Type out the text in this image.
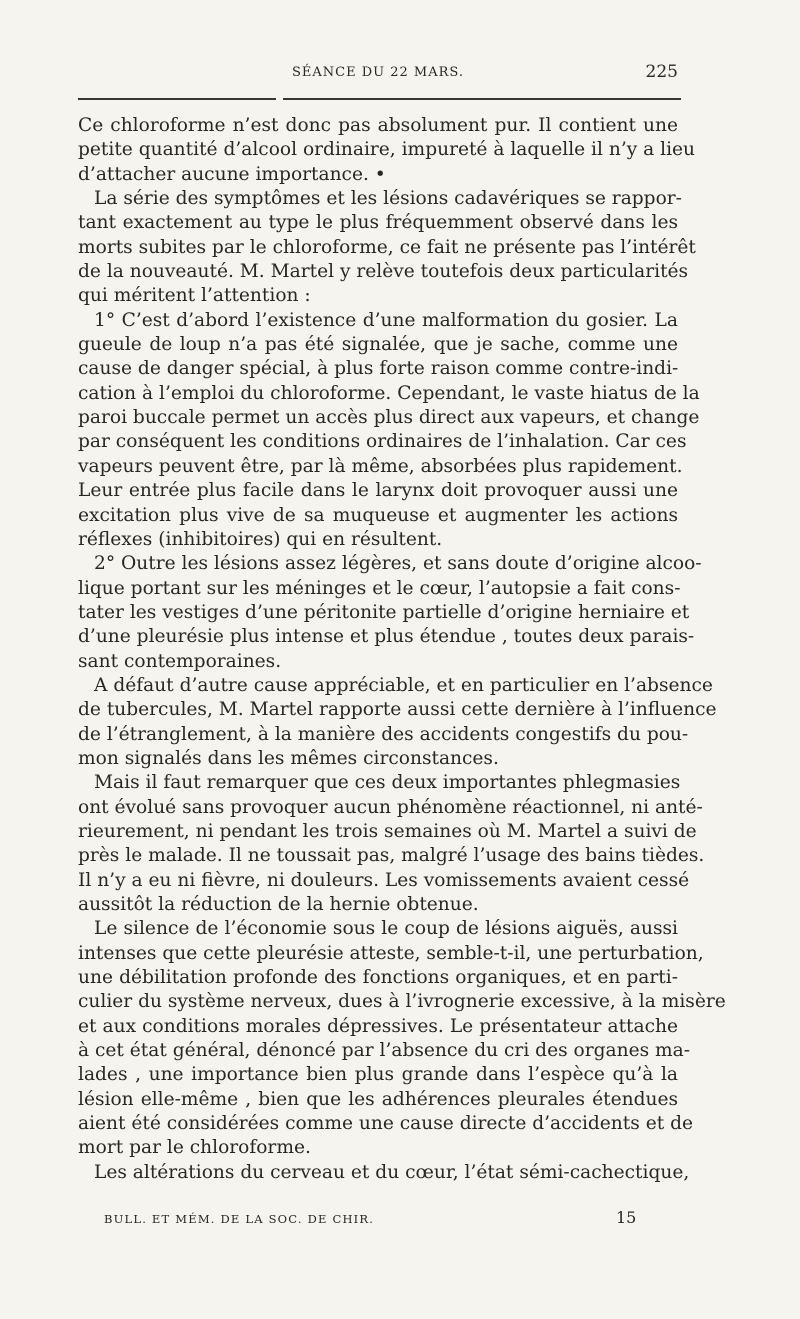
SÉANCE DU 22 MARS.	225
Ce chloroforme n’est donc pas absolument pur. Il contient une
petite quantité d’alcool ordinaire, impureté à laquelle il n’y a lieu
d’attacher aucune importance. •
La série des symptômes et les lésions cadavériques se rappor-
tant exactement au type le plus fréquemment observé dans les
morts subites par le chloroforme, ce fait ne présente pas l’intérêt
de la nouveauté. M. Martel y relève toutefois deux particularités
qui méritent l’attention :
1° C’est d’abord l’existence d’une malformation du gosier. La
gueule de loup n’a pas été signalée, que je sache, comme une
cause de danger spécial, à plus forte raison comme contre-indi-
cation à l’emploi du chloroforme. Cependant, le vaste hiatus de la
paroi buccale permet un accès plus direct aux vapeurs, et change
par conséquent les conditions ordinaires de l’inhalation. Car ces
vapeurs peuvent être, par là même, absorbées plus rapidement.
Leur entrée plus facile dans le larynx doit provoquer aussi une
excitation plus vive de sa muqueuse et augmenter les actions
réflexes (inhibitoires) qui en résultent.
2° Outre les lésions assez légères, et sans doute d’origine alcoo-
lique portant sur les méninges et le cœur, l’autopsie a fait cons-
tater les vestiges d’une péritonite partielle d’origine herniaire et
d’une pleurésie plus intense et plus étendue , toutes deux parais-
sant contemporaines.
A défaut d’autre cause appréciable, et en particulier en l’absence
de tubercules, M. Martel rapporte aussi cette dernière à l’influence
de l’étranglement, à la manière des accidents congestifs du pou-
mon signalés dans les mêmes circonstances.
Mais il faut remarquer que ces deux importantes phlegmasies
ont évolué sans provoquer aucun phénomène réactionnel, ni anté-
rieurement, ni pendant les trois semaines où M. Martel a suivi de
près le malade. Il ne toussait pas, malgré l’usage des bains tièdes.
Il n’y a eu ni fièvre, ni douleurs. Les vomissements avaient cessé
aussitôt la réduction de la hernie obtenue.
Le silence de l’économie sous le coup de lésions aiguës, aussi
intenses que cette pleurésie atteste, semble-t-il, une perturbation,
une débilitation profonde des fonctions organiques, et en parti-
culier du système nerveux, dues à l’ivrognerie excessive, à la misère
et aux conditions morales dépressives. Le présentateur attache
à cet état général, dénoncé par l’absence du cri des organes ma-
lades , une importance bien plus grande dans l’espèce qu’à la
lésion elle-même , bien que les adhérences pleurales étendues
aient été considérées comme une cause directe d’accidents et de
mort par le chloroforme.
Les altérations du cerveau et du cœur, l’état sémi-cachectique,
BULL. ET MÉM. DE LA SOC. DE CHIR.	15
